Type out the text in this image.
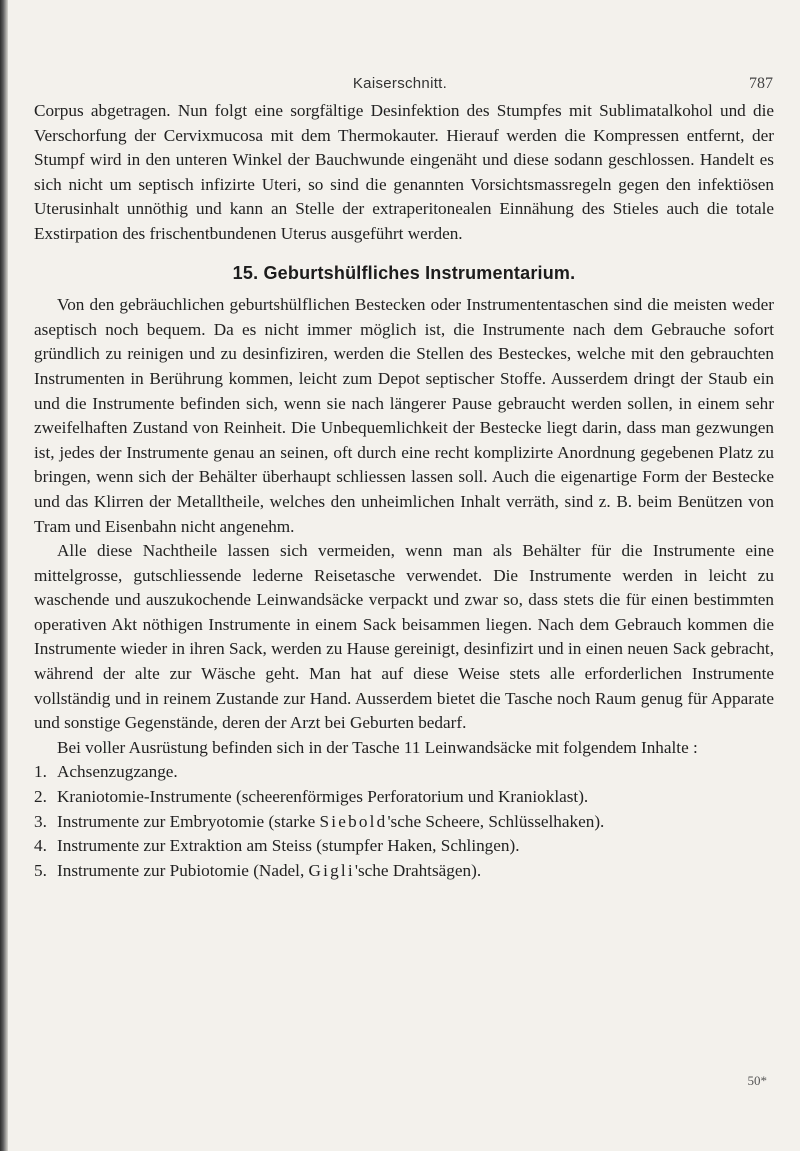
Kaiserschnitt.	787

Corpus abgetragen. Nun folgt eine sorgfältige Desinfektion des Stumpfes mit Sublimatalkohol und die Verschorfung der Cervixmucosa mit dem Thermokauter. Hierauf werden die Kompressen entfernt, der Stumpf wird in den unteren Winkel der Bauchwunde eingenäht und diese sodann geschlossen. Handelt es sich nicht um septisch infizirte Uteri, so sind die genannten Vorsichtsmassregeln gegen den infektiösen Uterusinhalt unnöthig und kann an Stelle der extraperitonealen Einnähung des Stieles auch die totale Exstirpation des frischentbundenen Uterus ausgeführt werden.

15. Geburtshülfliches Instrumentarium.

Von den gebräuchlichen geburtshülflichen Bestecken oder Instrumententaschen sind die meisten weder aseptisch noch bequem. Da es nicht immer möglich ist, die Instrumente nach dem Gebrauche sofort gründlich zu reinigen und zu desinfiziren, werden die Stellen des Besteckes, welche mit den gebrauchten Instrumenten in Berührung kommen, leicht zum Depot septischer Stoffe. Ausserdem dringt der Staub ein und die Instrumente befinden sich, wenn sie nach längerer Pause gebraucht werden sollen, in einem sehr zweifelhaften Zustand von Reinheit. Die Unbequemlichkeit der Bestecke liegt darin, dass man gezwungen ist, jedes der Instrumente genau an seinen, oft durch eine recht komplizirte Anordnung gegebenen Platz zu bringen, wenn sich der Behälter überhaupt schliessen lassen soll. Auch die eigenartige Form der Bestecke und das Klirren der Metalltheile, welches den unheimlichen Inhalt verräth, sind z. B. beim Benützen von Tram und Eisenbahn nicht angenehm.

Alle diese Nachtheile lassen sich vermeiden, wenn man als Behälter für die Instrumente eine mittelgrosse, gutschliessende lederne Reisetasche verwendet. Die Instrumente werden in leicht zu waschende und auszukochende Leinwandsäcke verpackt und zwar so, dass stets die für einen bestimmten operativen Akt nöthigen Instrumente in einem Sack beisammen liegen. Nach dem Gebrauch kommen die Instrumente wieder in ihren Sack, werden zu Hause gereinigt, desinfizirt und in einen neuen Sack gebracht, während der alte zur Wäsche geht. Man hat auf diese Weise stets alle erforderlichen Instrumente vollständig und in reinem Zustande zur Hand. Ausserdem bietet die Tasche noch Raum genug für Apparate und sonstige Gegenstände, deren der Arzt bei Geburten bedarf.

Bei voller Ausrüstung befinden sich in der Tasche 11 Leinwandsäcke mit folgendem Inhalte :

1. Achsenzugzange.
2. Kraniotomie-Instrumente (scheerenförmiges Perforatorium und Kranioklast).
3. Instrumente zur Embryotomie (starke Siebold'sche Scheere, Schlüsselhaken).
4. Instrumente zur Extraktion am Steiss (stumpfer Haken, Schlingen).
5. Instrumente zur Pubiotomie (Nadel, Gigli'sche Drahtsägen).
50*
